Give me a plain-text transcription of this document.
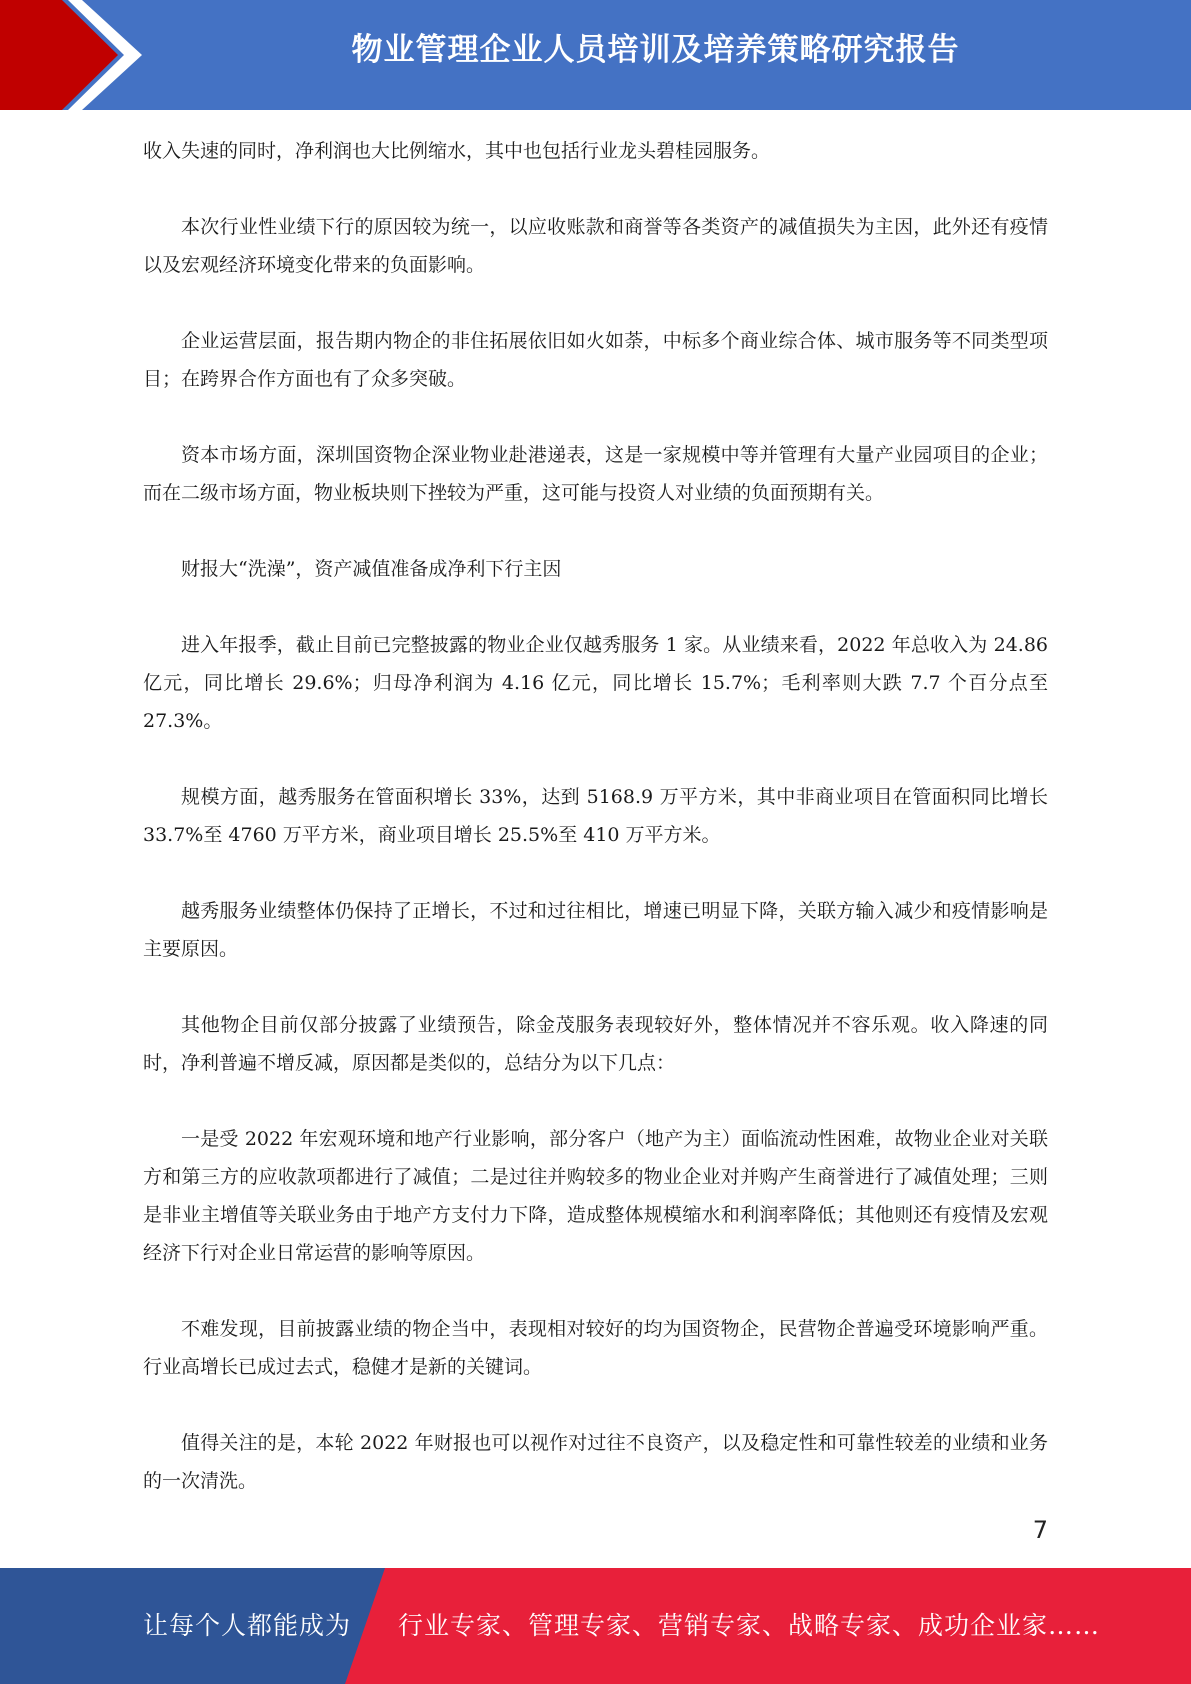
物业管理企业人员培训及培养策略研究报告

收入失速的同时，净利润也大比例缩水，其中也包括行业龙头碧桂园服务。

本次行业性业绩下行的原因较为统一，以应收账款和商誉等各类资产的减值损失为主因，此外还有疫情以及宏观经济环境变化带来的负面影响。

企业运营层面，报告期内物企的非住拓展依旧如火如荼，中标多个商业综合体、城市服务等不同类型项目；在跨界合作方面也有了众多突破。

资本市场方面，深圳国资物企深业物业赴港递表，这是一家规模中等并管理有大量产业园项目的企业；而在二级市场方面，物业板块则下挫较为严重，这可能与投资人对业绩的负面预期有关。

财报大“洗澡”，资产减值准备成净利下行主因

进入年报季，截止目前已完整披露的物业企业仅越秀服务 1 家。从业绩来看，2022 年总收入为 24.86 亿元，同比增长 29.6%；归母净利润为 4.16 亿元，同比增长 15.7%；毛利率则大跌 7.7 个百分点至 27.3%。

规模方面，越秀服务在管面积增长 33%，达到 5168.9 万平方米，其中非商业项目在管面积同比增长 33.7%至 4760 万平方米，商业项目增长 25.5%至 410 万平方米。

越秀服务业绩整体仍保持了正增长，不过和过往相比，增速已明显下降，关联方输入减少和疫情影响是主要原因。

其他物企目前仅部分披露了业绩预告，除金茂服务表现较好外，整体情况并不容乐观。收入降速的同时，净利普遍不增反减，原因都是类似的，总结分为以下几点：

一是受 2022 年宏观环境和地产行业影响，部分客户（地产为主）面临流动性困难，故物业企业对关联方和第三方的应收款项都进行了减值；二是过往并购较多的物业企业对并购产生商誉进行了减值处理；三则是非业主增值等关联业务由于地产方支付力下降，造成整体规模缩水和利润率降低；其他则还有疫情及宏观经济下行对企业日常运营的影响等原因。

不难发现，目前披露业绩的物企当中，表现相对较好的均为国资物企，民营物企普遍受环境影响严重。行业高增长已成过去式，稳健才是新的关键词。

值得关注的是，本轮 2022 年财报也可以视作对过往不良资产，以及稳定性和可靠性较差的业绩和业务的一次清洗。

7
让每个人都能成为 行业专家、管理专家、营销专家、战略专家、成功企业家……
